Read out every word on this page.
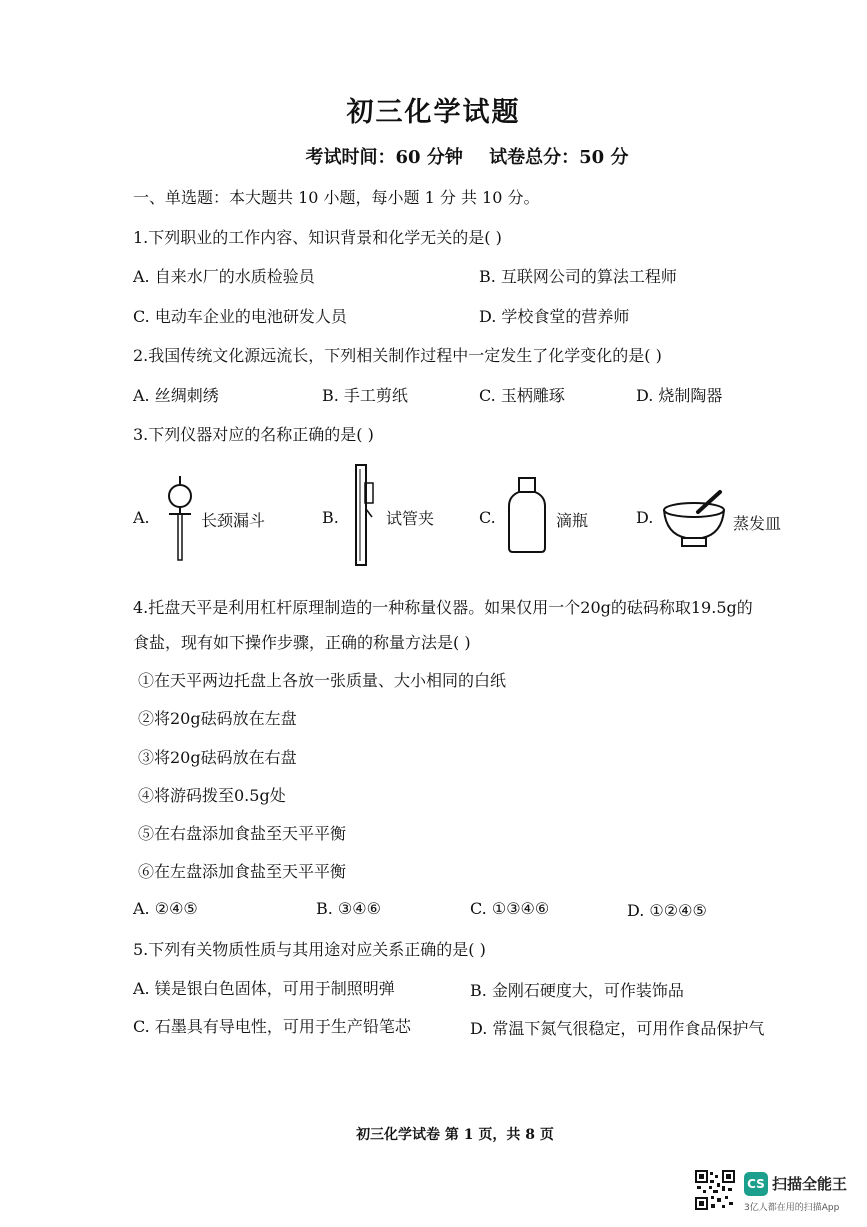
初三化学试题
考试时间：60 分钟 试卷总分：50 分
一、单选题：本大题共 10 小题，每小题 1 分 共 10 分。
1.下列职业的工作内容、知识背景和化学无关的是( )
A. 自来水厂的水质检验员	B. 互联网公司的算法工程师
C. 电动车企业的电池研发人员	D. 学校食堂的营养师
2.我国传统文化源远流长，下列相关制作过程中一定发生了化学变化的是( )
A. 丝绸刺绣	B. 手工剪纸	C. 玉柄雕琢	D. 烧制陶器
3.下列仪器对应的名称正确的是( )
A.	长颈漏斗	B.	试管夹	C.	滴瓶	D.	蒸发皿
4.托盘天平是利用杠杆原理制造的一种称量仪器。如果仅用一个20g的砝码称取19.5g的
食盐，现有如下操作步骤，正确的称量方法是( )
①在天平两边托盘上各放一张质量、大小相同的白纸
②将20g砝码放在左盘
③将20g砝码放在右盘
④将游码拨至0.5g处
⑤在右盘添加食盐至天平平衡
⑥在左盘添加食盐至天平平衡
A. ②④⑤	B. ③④⑥	C. ①③④⑥	D. ①②④⑤
5.下列有关物质性质与其用途对应关系正确的是( )
A. 镁是银白色固体，可用于制照明弹	B. 金刚石硬度大，可作装饰品
C. 石墨具有导电性，可用于生产铅笔芯	D. 常温下氮气很稳定，可用作食品保护气
初三化学试卷 第 1 页，共 8 页
CS 扫描全能王
3亿人都在用的扫描App
